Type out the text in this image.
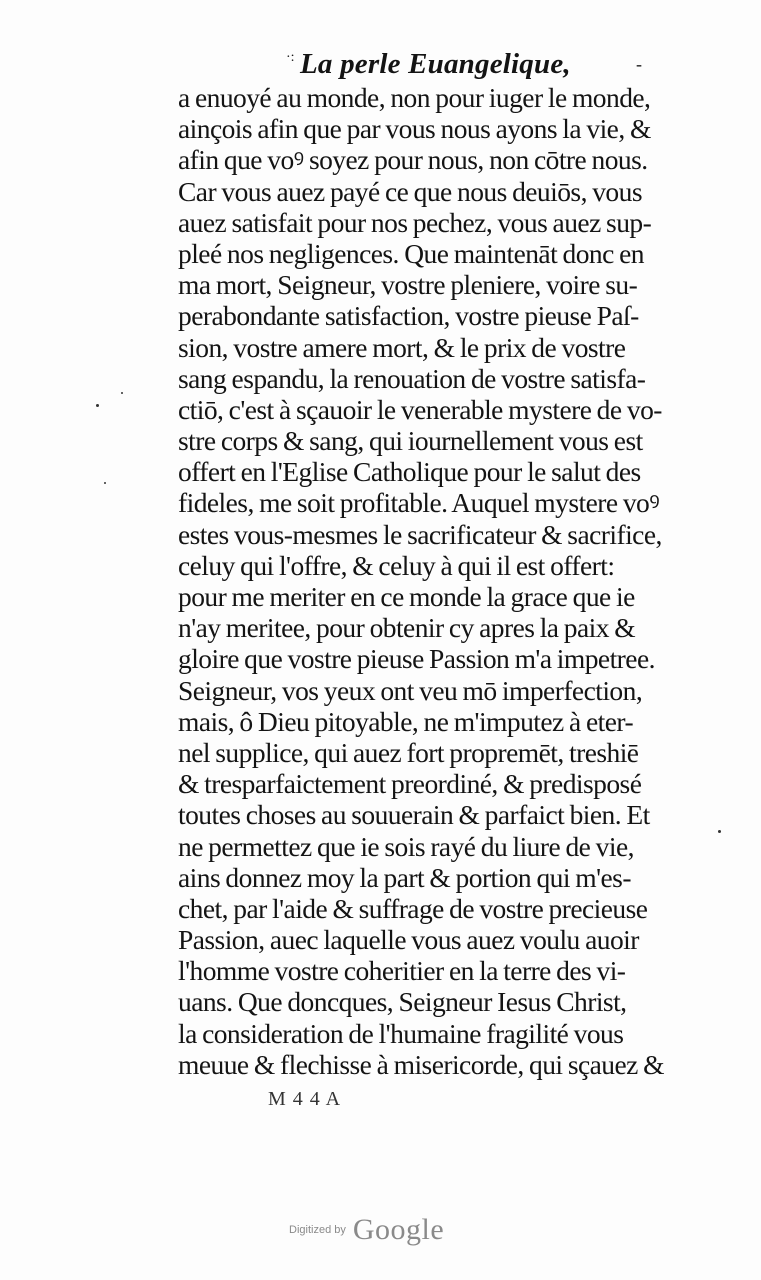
·: La perle Euangelique,	-
a enuoyé au monde, non pour iuger le monde,
ainçois afin que par vous nous ayons la vie, &
afin que voꝰ soyez pour nous, non cōtre nous.
Car vous auez payé ce que nous deuiōs, vous
auez satisfait pour nos pechez, vous auez sup-
pleé nos negligences. Que maintenāt donc en
ma mort, Seigneur, vostre pleniere, voire su-
perabondante satisfaction, vostre pieuse Paſ-
sion, vostre amere mort, & le prix de vostre
sang espandu, la renouation de vostre satisfa-
ctiō, c'est à sçauoir le venerable mystere de vo-
stre corps & sang, qui iournellement vous est
offert en l'Eglise Catholique pour le salut des
fideles, me soit profitable. Auquel mystere voꝰ
estes vous-mesmes le sacrificateur & sacrifice,
celuy qui l'offre, & celuy à qui il est offert:
pour me meriter en ce monde la grace que ie
n'ay meritee, pour obtenir cy apres la paix &
gloire que vostre pieuse Passion m'a impetree.
Seigneur, vos yeux ont veu mō imperfection,
mais, ô Dieu pitoyable, ne m'imputez à eter-
nel supplice, qui auez fort propremēt, treshiē
& tresparfaictement preordiné, & predisposé
toutes choses au souuerain & parfaict bien. Et
ne permettez que ie sois rayé du liure de vie,
ains donnez moy la part & portion qui m'es-
chet, par l'aide & suffrage de vostre precieuse
Passion, auec laquelle vous auez voulu auoir
l'homme vostre coheritier en la terre des vi-
uans. Que doncques, Seigneur Iesus Christ,
la consideration de l'humaine fragilité vous
meuue & flechisse à misericorde, qui sçauez &
M 4 4 A
Digitized by Google
